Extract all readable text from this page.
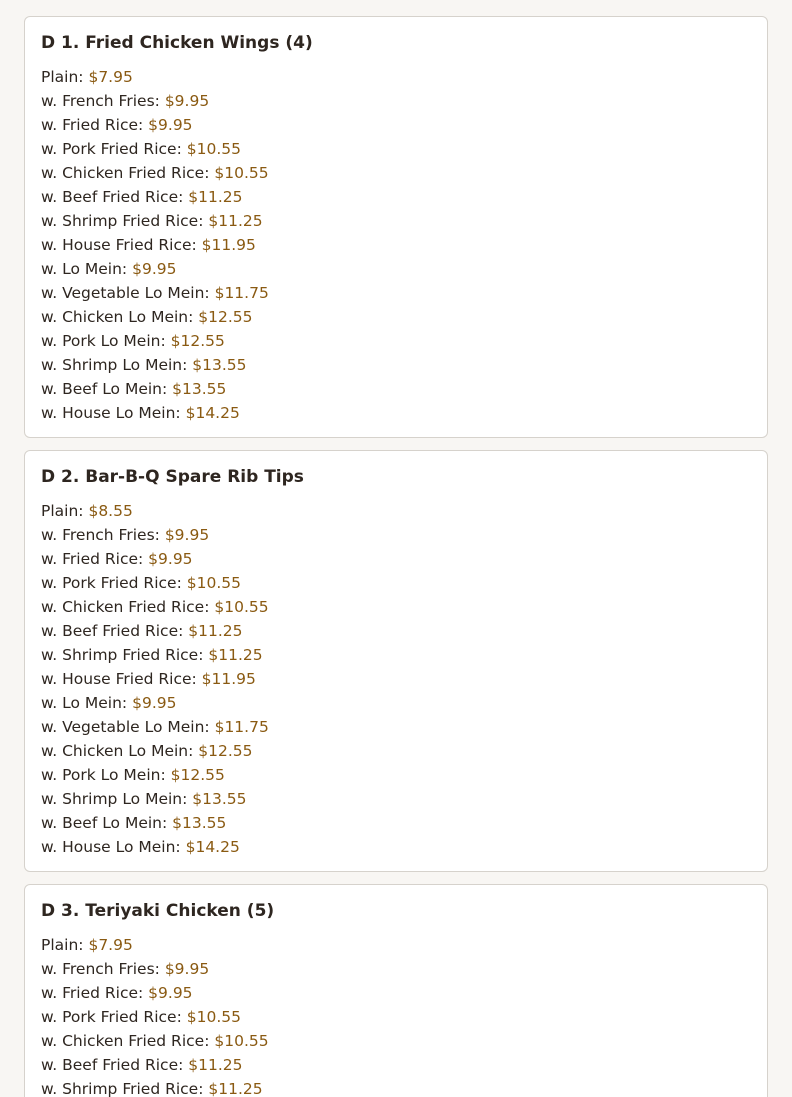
D 1. Fried Chicken Wings (4)
Plain: $7.95
w. French Fries: $9.95
w. Fried Rice: $9.95
w. Pork Fried Rice: $10.55
w. Chicken Fried Rice: $10.55
w. Beef Fried Rice: $11.25
w. Shrimp Fried Rice: $11.25
w. House Fried Rice: $11.95
w. Lo Mein: $9.95
w. Vegetable Lo Mein: $11.75
w. Chicken Lo Mein: $12.55
w. Pork Lo Mein: $12.55
w. Shrimp Lo Mein: $13.55
w. Beef Lo Mein: $13.55
w. House Lo Mein: $14.25
D 2. Bar-B-Q Spare Rib Tips
Plain: $8.55
w. French Fries: $9.95
w. Fried Rice: $9.95
w. Pork Fried Rice: $10.55
w. Chicken Fried Rice: $10.55
w. Beef Fried Rice: $11.25
w. Shrimp Fried Rice: $11.25
w. House Fried Rice: $11.95
w. Lo Mein: $9.95
w. Vegetable Lo Mein: $11.75
w. Chicken Lo Mein: $12.55
w. Pork Lo Mein: $12.55
w. Shrimp Lo Mein: $13.55
w. Beef Lo Mein: $13.55
w. House Lo Mein: $14.25
D 3. Teriyaki Chicken (5)
Plain: $7.95
w. French Fries: $9.95
w. Fried Rice: $9.95
w. Pork Fried Rice: $10.55
w. Chicken Fried Rice: $10.55
w. Beef Fried Rice: $11.25
w. Shrimp Fried Rice: $11.25
